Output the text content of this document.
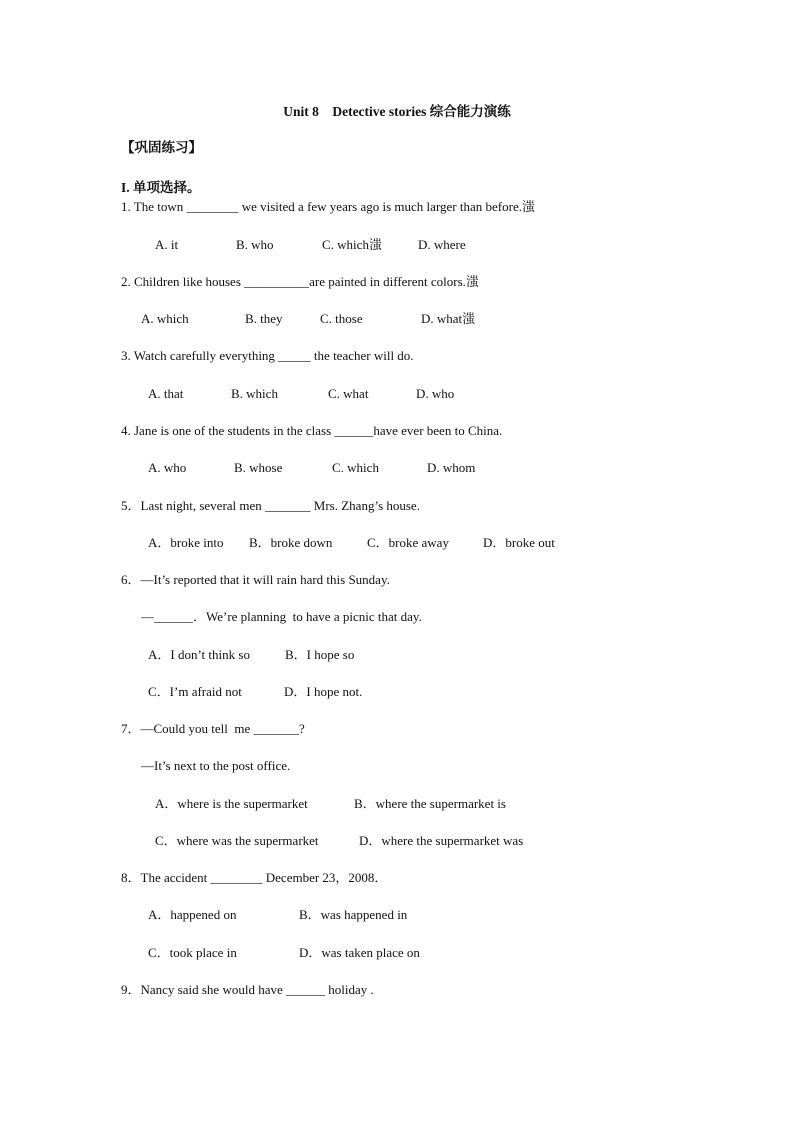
Unit 8    Detective stories 综合能力演练
【巩固练习】
I. 单项选择。
1. The town ________ we visited a few years ago is much larger than before.滍
A. it	B. who	C. which滍	D. where
2. Children like houses __________are painted in different colors.滍
A. which	B. they	C. those	D. what滍
3. Watch carefully everything _____ the teacher will do.
A. that	B. which	C. what	D. who
4. Jane is one of the students in the class ______have ever been to China.
A. who	B. whose	C. which	D. whom
5．Last night, several men _______ Mrs. Zhang’s house.
A．broke into B．broke down	C．broke away	D．broke out
6．—It’s reported that it will rain hard this Sunday.
—______．We’re planning  to have a picnic that day.
A．I don’t think so	B．I hope so
C．I’m afraid not	D．I hope not.
7．—Could you tell  me _______?
—It’s next to the post office.
A．where is the supermarket	B．where the supermarket is
C．where was the supermarket	D．where the supermarket was
8．The accident ________ December 23，2008．
A．happened on	B．was happened in
C．took place in	D．was taken place on
9．Nancy said she would have ______ holiday .
